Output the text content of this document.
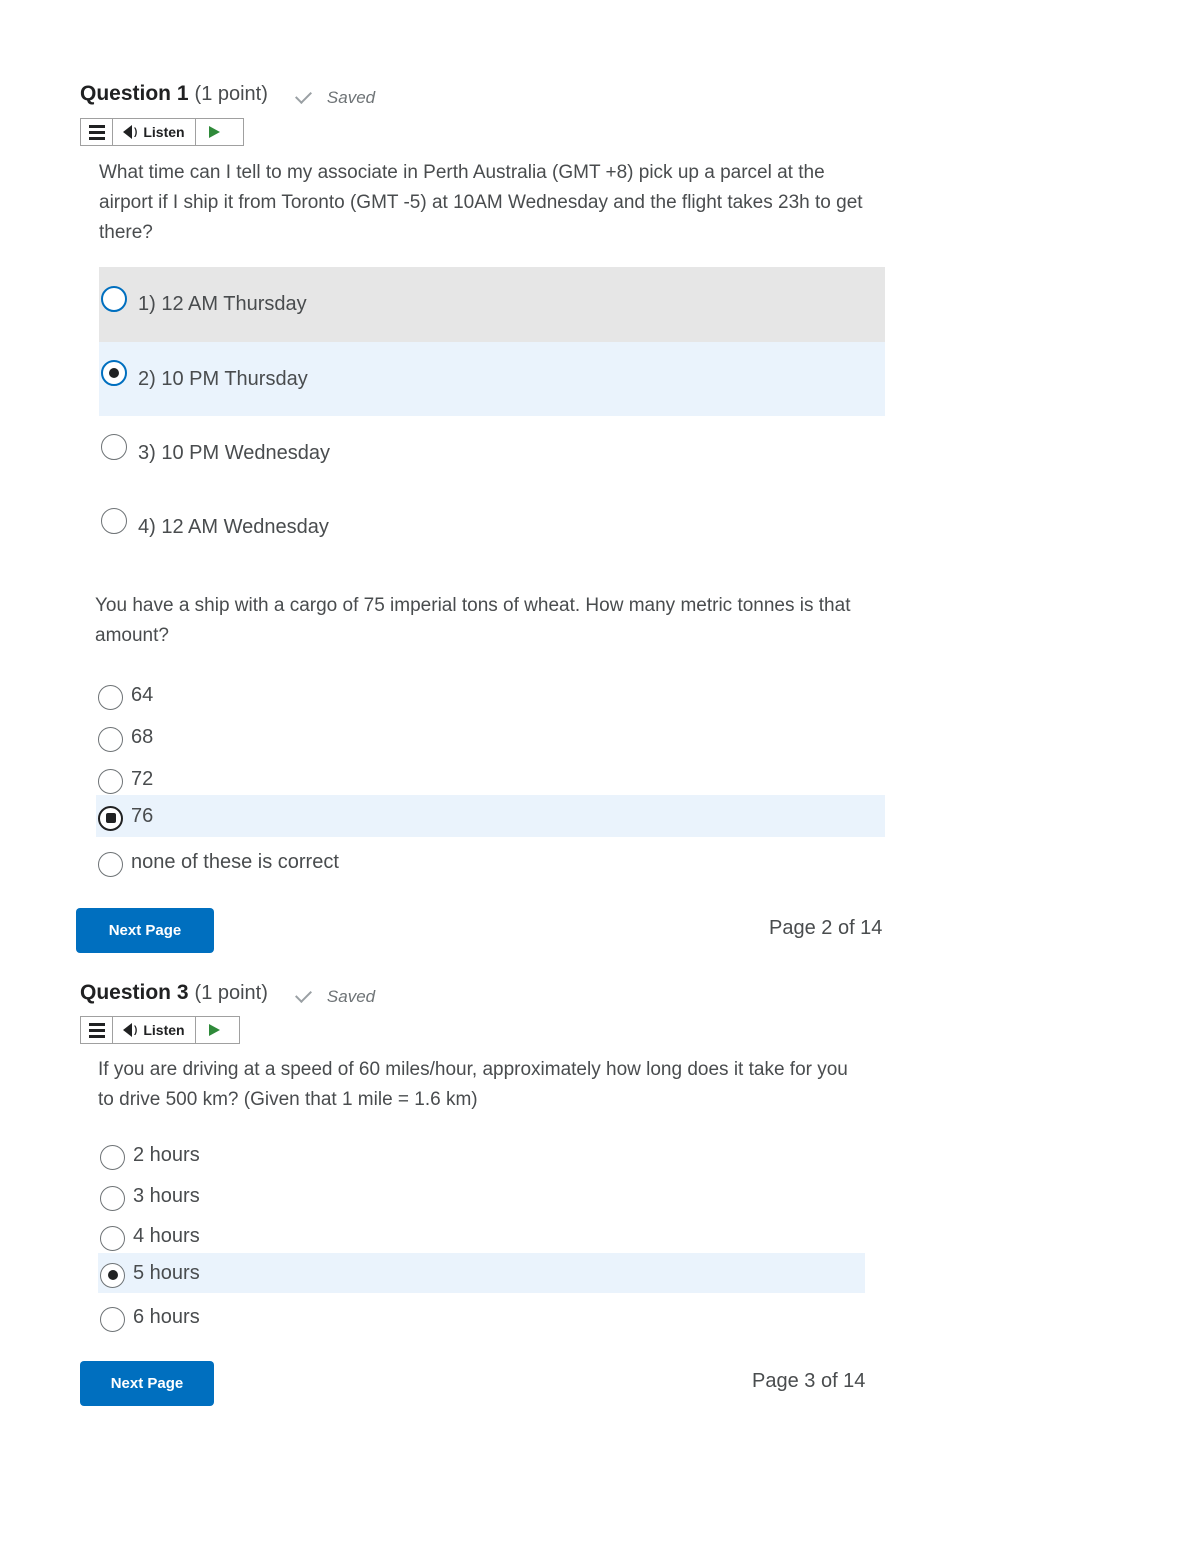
Question 1 (1 point)	Saved
) Listen
What time can I tell to my associate in Perth Australia (GMT +8) pick up a parcel at the airport if I ship it from Toronto (GMT -5) at 10AM Wednesday and the flight takes 23h to get there?
1) 12 AM Thursday
2) 10 PM Thursday
3) 10 PM Wednesday
4) 12 AM Wednesday
You have a ship with a cargo of 75 imperial tons of wheat. How many metric tonnes is that amount?
64
68
72
76
none of these is correct
Next Page	Page 2 of 14
Question 3 (1 point)	Saved
) Listen
If you are driving at a speed of 60 miles/hour, approximately how long does it take for you to drive 500 km? (Given that 1 mile = 1.6 km)
2 hours
3 hours
4 hours
5 hours
6 hours
Next Page	Page 3 of 14
